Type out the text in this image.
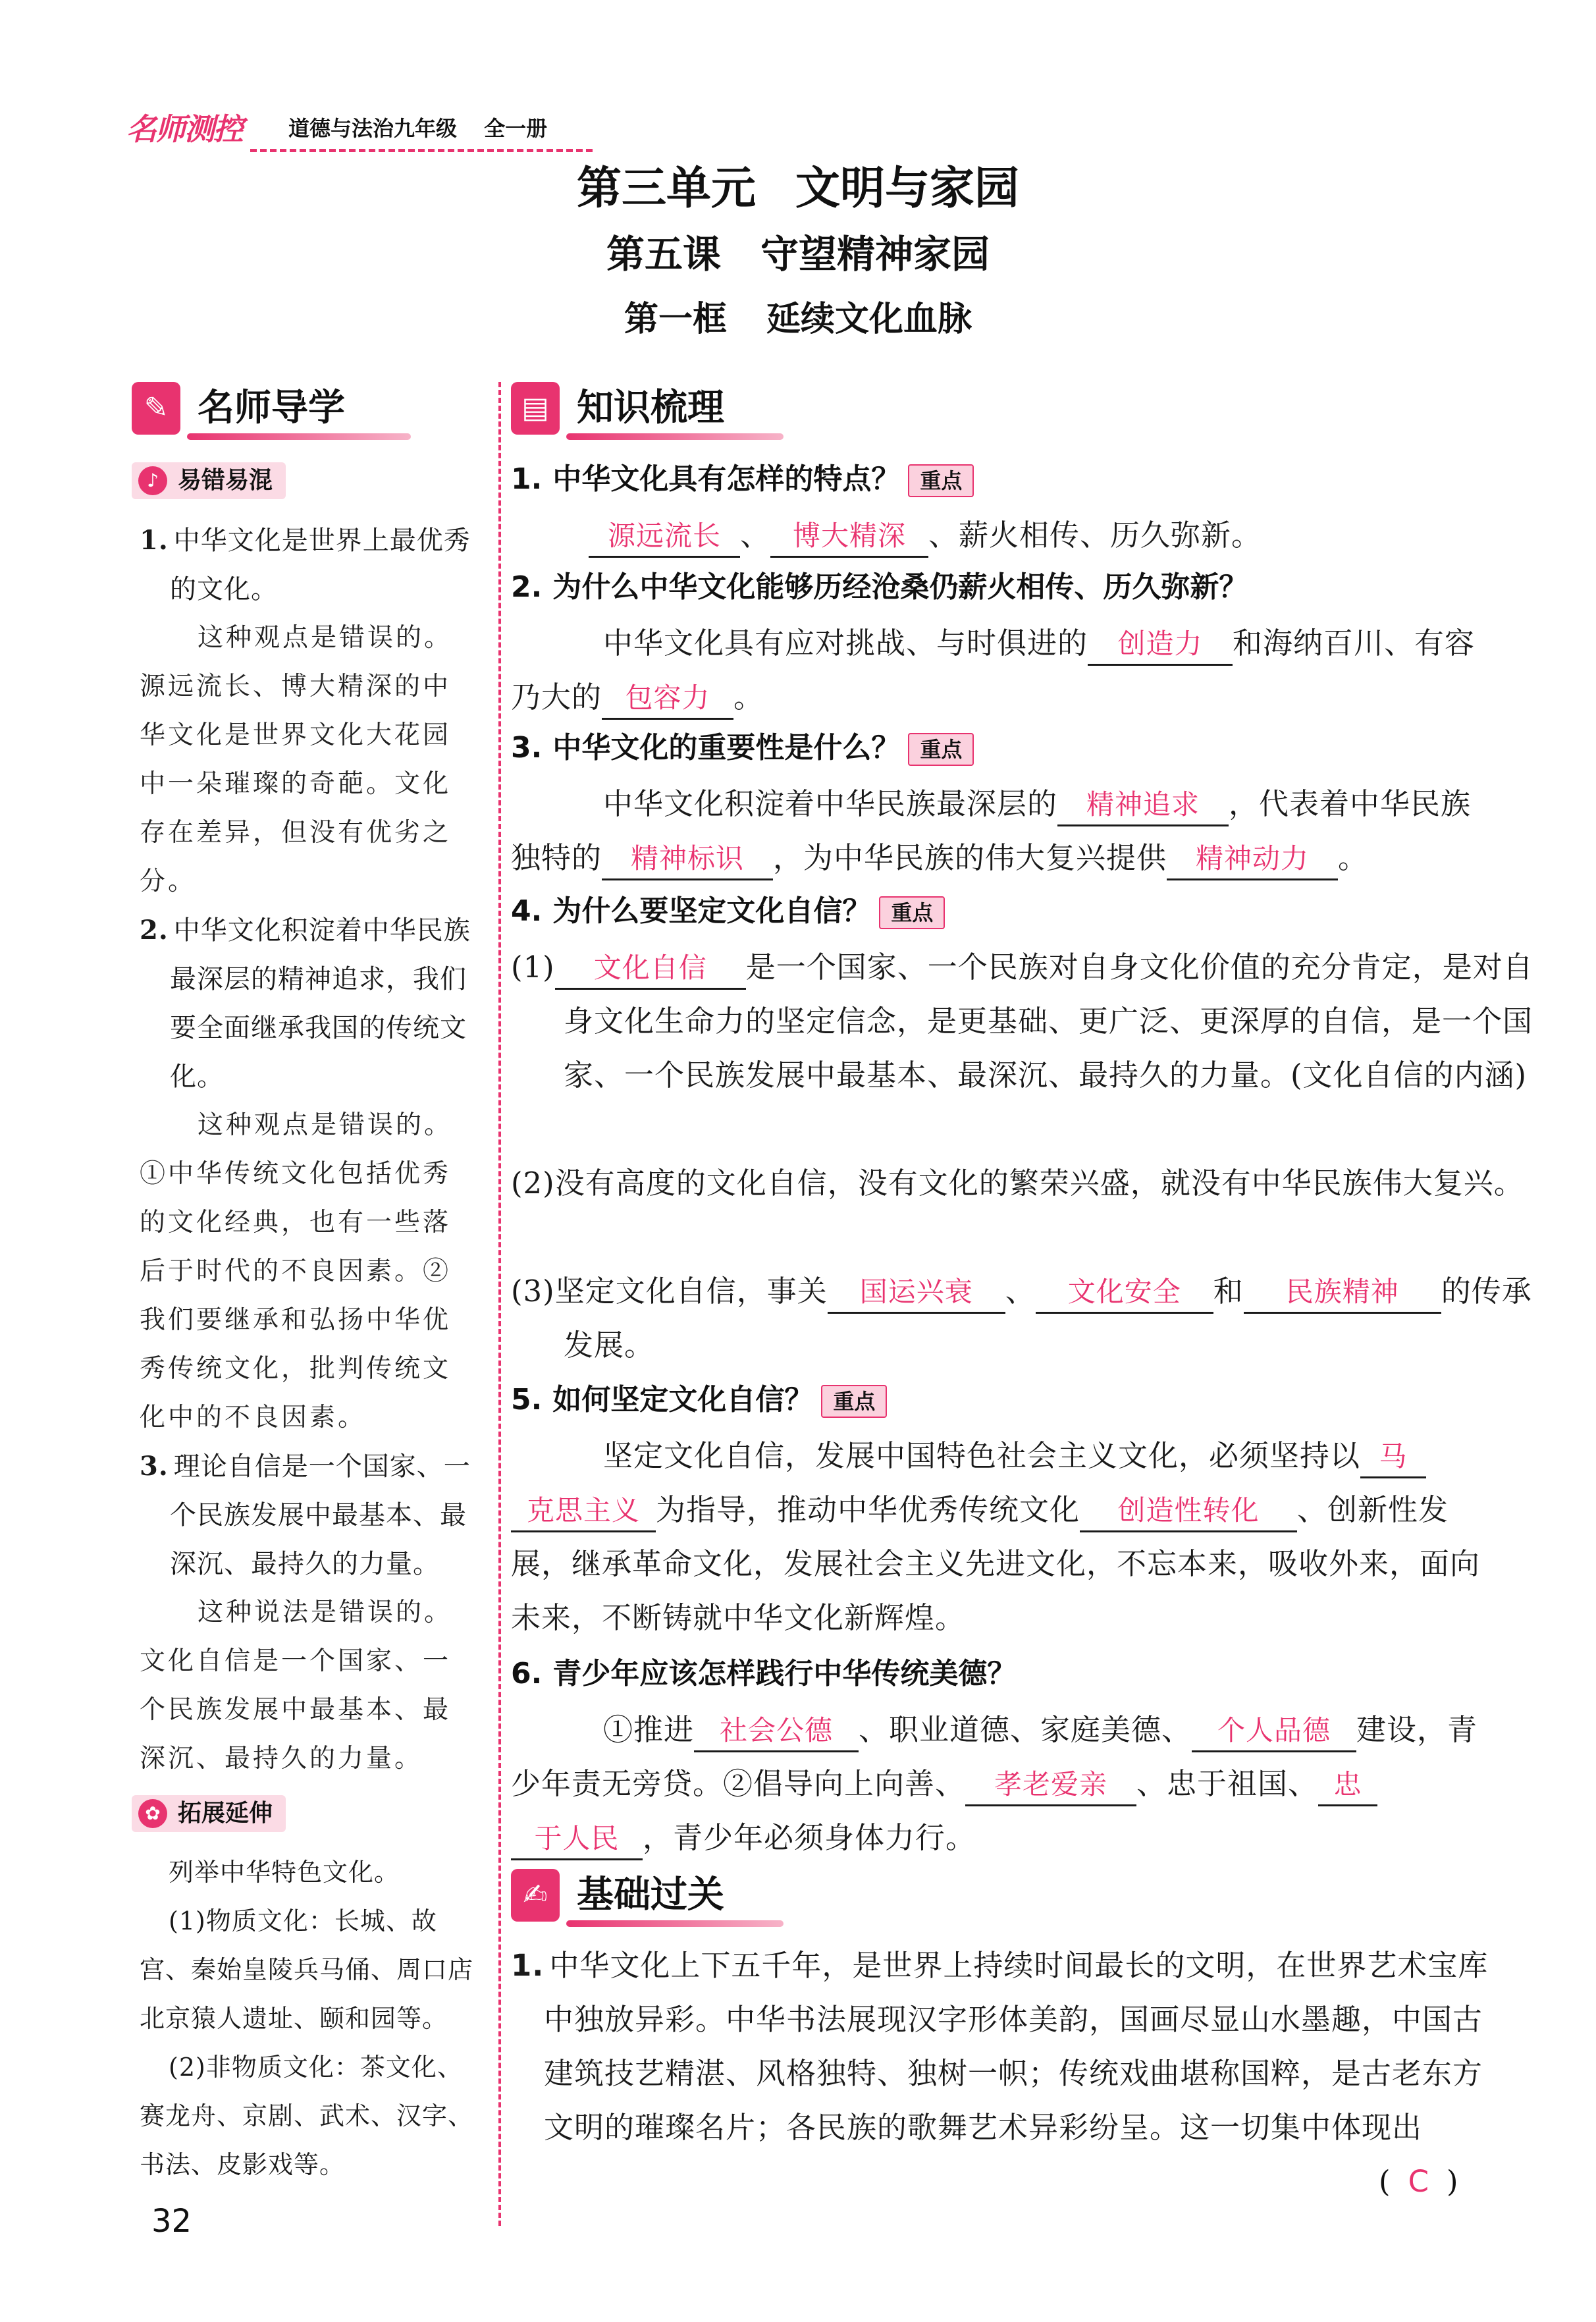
名师测控	道德与法治九年级 全一册
第三单元 文明与家园
第五课 守望精神家园
第一框 延续文化血脉
✎ 名师导学
♪ 易错易混
1. 中华文化是世界上最优秀的文化。
这种观点是错误的。源远流长、博大精深的中华文化是世界文化大花园中一朵璀璨的奇葩。文化存在差异，但没有优劣之分。
2. 中华文化积淀着中华民族最深层的精神追求，我们要全面继承我国的传统文化。
这种观点是错误的。①中华传统文化包括优秀的文化经典，也有一些落后于时代的不良因素。②我们要继承和弘扬中华优秀传统文化，批判传统文化中的不良因素。
3. 理论自信是一个国家、一个民族发展中最基本、最深沉、最持久的力量。
这种说法是错误的。文化自信是一个国家、一个民族发展中最基本、最深沉、最持久的力量。
✿ 拓展延伸
列举中华特色文化。
(1)物质文化：长城、故宫、秦始皇陵兵马俑、周口店北京猿人遗址、颐和园等。
(2)非物质文化：茶文化、赛龙舟、京剧、武术、汉字、书法、皮影戏等。
▤ 知识梳理
1. 中华文化具有怎样的特点？ 重点
源远流长 、 博大精深 、薪火相传、历久弥新。
2. 为什么中华文化能够历经沧桑仍薪火相传、历久弥新？
中华文化具有应对挑战、与时俱进的 创造力 和海纳百川、有容乃大的 包容力 。
3. 中华文化的重要性是什么？ 重点
中华文化积淀着中华民族最深层的 精神追求 ，代表着中华民族独特的 精神标识 ，为中华民族的伟大复兴提供 精神动力 。
4. 为什么要坚定文化自信？ 重点
(1) 文化自信 是一个国家、一个民族对自身文化价值的充分肯定，是对自身文化生命力的坚定信念，是更基础、更广泛、更深厚的自信，是一个国家、一个民族发展中最基本、最深沉、最持久的力量。(文化自信的内涵)
(2)没有高度的文化自信，没有文化的繁荣兴盛，就没有中华民族伟大复兴。
(3)坚定文化自信，事关 国运兴衰 、 文化安全 和 民族精神 的传承发展。
5. 如何坚定文化自信？ 重点
坚定文化自信，发展中国特色社会主义文化，必须坚持以 马克思主义 为指导，推动中华优秀传统文化 创造性转化 、创新性发展，继承革命文化，发展社会主义先进文化，不忘本来，吸收外来，面向未来，不断铸就中华文化新辉煌。
6. 青少年应该怎样践行中华传统美德？
①推进 社会公德 、职业道德、家庭美德、 个人品德 建设，青少年责无旁贷。②倡导向上向善、 孝老爱亲 、忠于祖国、 忠于人民 ，青少年必须身体力行。
✍ 基础过关
1. 中华文化上下五千年，是世界上持续时间最长的文明，在世界艺术宝库中独放异彩。中华书法展现汉字形体美韵，国画尽显山水墨趣，中国古建筑技艺精湛、风格独特、独树一帜；传统戏曲堪称国粹，是古老东方文明的璀璨名片；各民族的歌舞艺术异彩纷呈。这一切集中体现出
( C )
32
